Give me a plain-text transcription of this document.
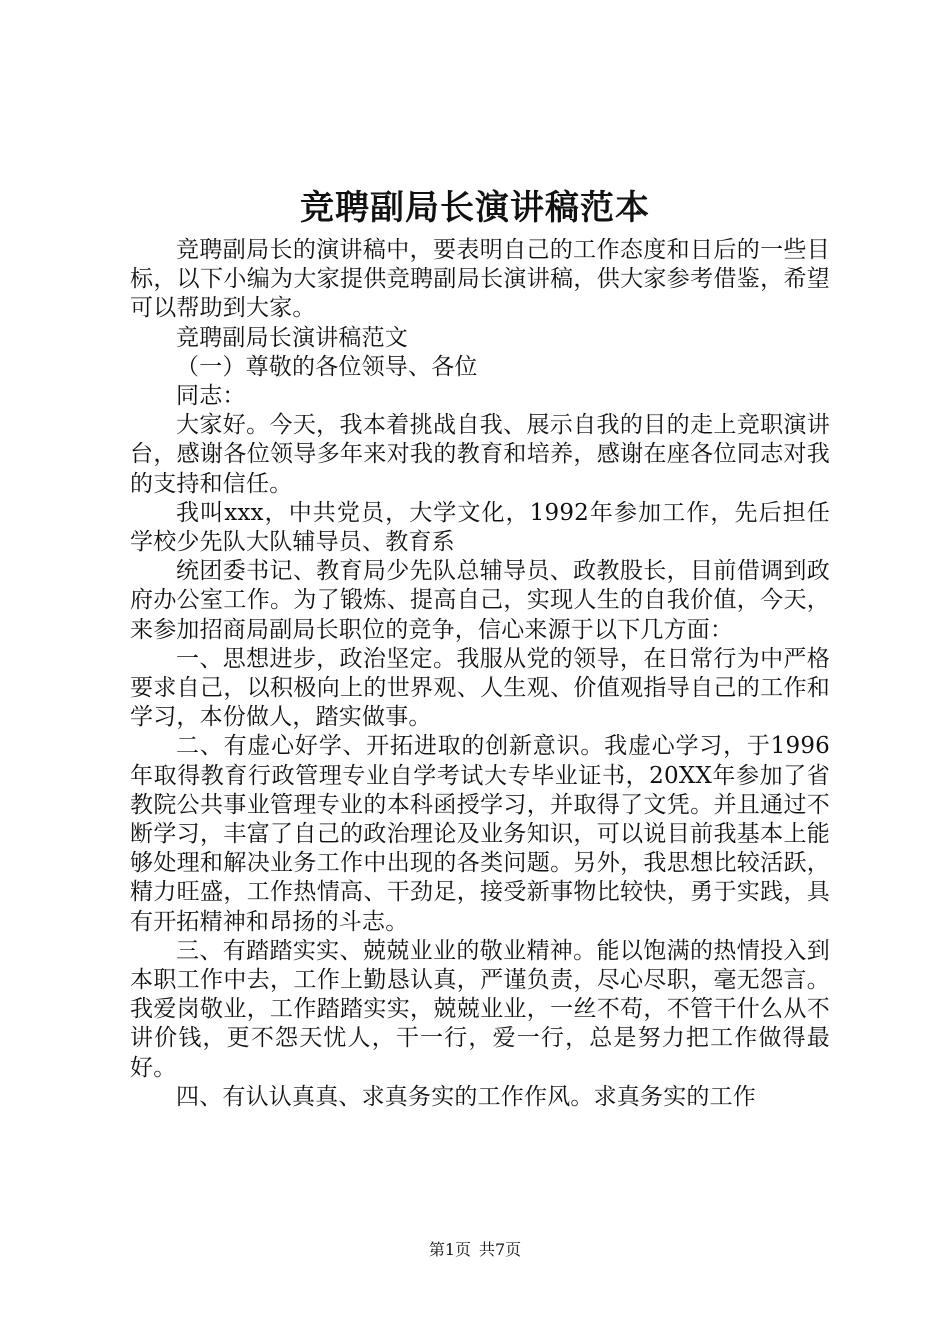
竞聘副局长演讲稿范本

竞聘副局长的演讲稿中，要表明自己的工作态度和日后的一些目标，以下小编为大家提供竞聘副局长演讲稿，供大家参考借鉴，希望可以帮助到大家。

竞聘副局长演讲稿范文

（一）尊敬的各位领导、各位

同志：

大家好。今天，我本着挑战自我、展示自我的目的走上竞职演讲台，感谢各位领导多年来对我的教育和培养，感谢在座各位同志对我的支持和信任。

我叫xxx，中共党员，大学文化，1992年参加工作，先后担任学校少先队大队辅导员、教育系

统团委书记、教育局少先队总辅导员、政教股长，目前借调到政府办公室工作。为了锻炼、提高自己，实现人生的自我价值，今天，来参加招商局副局长职位的竞争，信心来源于以下几方面：

一、思想进步，政治坚定。我服从党的领导，在日常行为中严格要求自己，以积极向上的世界观、人生观、价值观指导自己的工作和学习，本份做人，踏实做事。

二、有虚心好学、开拓进取的创新意识。我虚心学习，于1996年取得教育行政管理专业自学考试大专毕业证书，20XX年参加了省教院公共事业管理专业的本科函授学习，并取得了文凭。并且通过不断学习，丰富了自己的政治理论及业务知识，可以说目前我基本上能够处理和解决业务工作中出现的各类问题。另外，我思想比较活跃，精力旺盛，工作热情高、干劲足，接受新事物比较快，勇于实践，具有开拓精神和昂扬的斗志。

三、有踏踏实实、兢兢业业的敬业精神。能以饱满的热情投入到本职工作中去，工作上勤恳认真，严谨负责，尽心尽职，毫无怨言。我爱岗敬业，工作踏踏实实，兢兢业业，一丝不苟，不管干什么从不讲价钱，更不怨天忧人，干一行，爱一行，总是努力把工作做得最好。

四、有认认真真、求真务实的工作作风。求真务实的工作

第1页 共7页
